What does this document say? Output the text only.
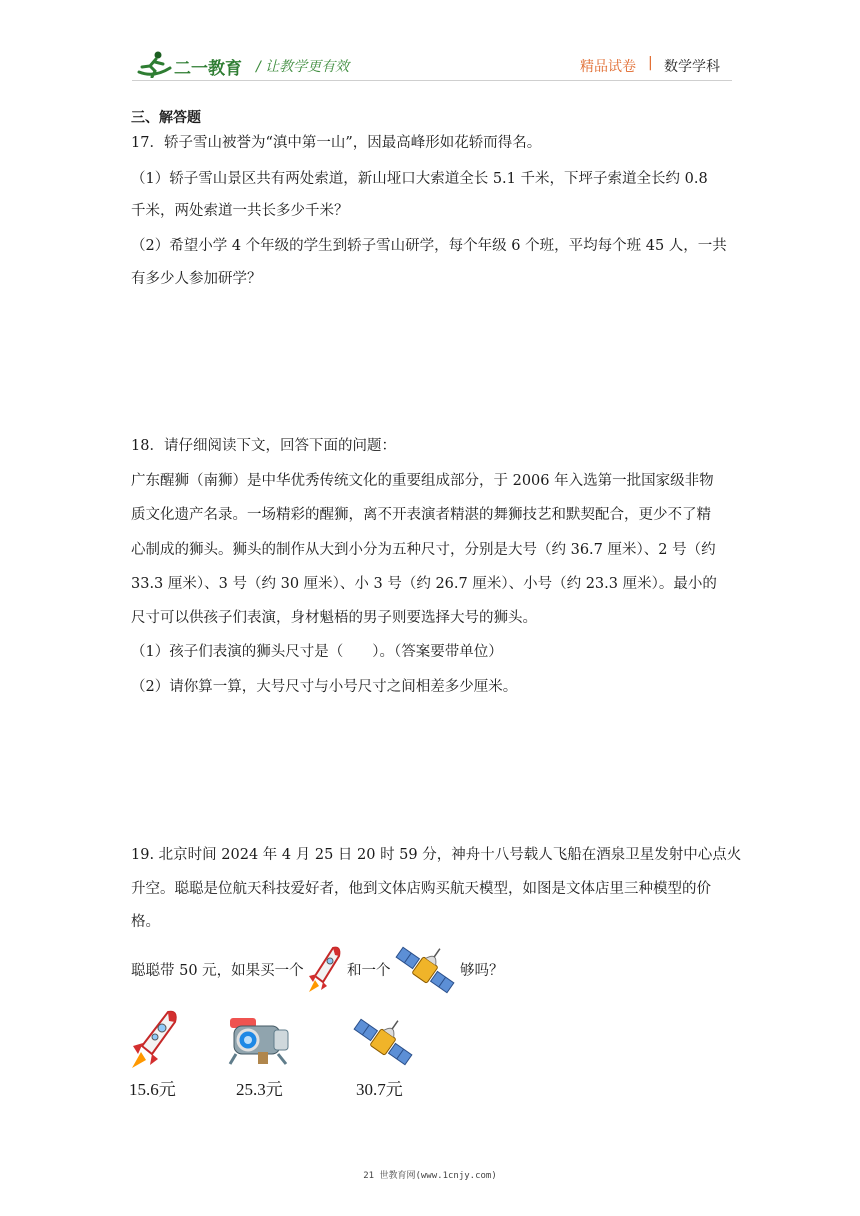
二一教育 / 让教学更有效	精品试卷 | 数学学科
三、解答题
17．轿子雪山被誉为“滇中第一山”，因最高峰形如花轿而得名。
（1）轿子雪山景区共有两处索道，新山垭口大索道全长 5.1 千米，下坪子索道全长约 0.8
千米，两处索道一共长多少千米？
（2）希望小学 4 个年级的学生到轿子雪山研学，每个年级 6 个班，平均每个班 45 人，一共
有多少人参加研学？
18．请仔细阅读下文，回答下面的问题：
广东醒狮（南狮）是中华优秀传统文化的重要组成部分，于 2006 年入选第一批国家级非物
质文化遗产名录。一场精彩的醒狮，离不开表演者精湛的舞狮技艺和默契配合，更少不了精
心制成的狮头。狮头的制作从大到小分为五种尺寸，分别是大号（约 36.7 厘米）、2 号（约
33.3 厘米）、3 号（约 30 厘米）、小 3 号（约 26.7 厘米）、小号（约 23.3 厘米）。最小的
尺寸可以供孩子们表演，身材魁梧的男子则要选择大号的狮头。
（1）孩子们表演的狮头尺寸是（　　）。（答案要带单位）
（2）请你算一算，大号尺寸与小号尺寸之间相差多少厘米。
19. 北京时间 2024 年 4 月 25 日 20 时 59 分，神舟十八号载人飞船在酒泉卫星发射中心点火
升空。聪聪是位航天科技爱好者，他到文体店购买航天模型，如图是文体店里三种模型的价
格。
聪聪带 50 元，如果买一个	和一个	够吗？
15.6元	25.3元	30.7元
21 世教育网(www.1cnjy.com)
